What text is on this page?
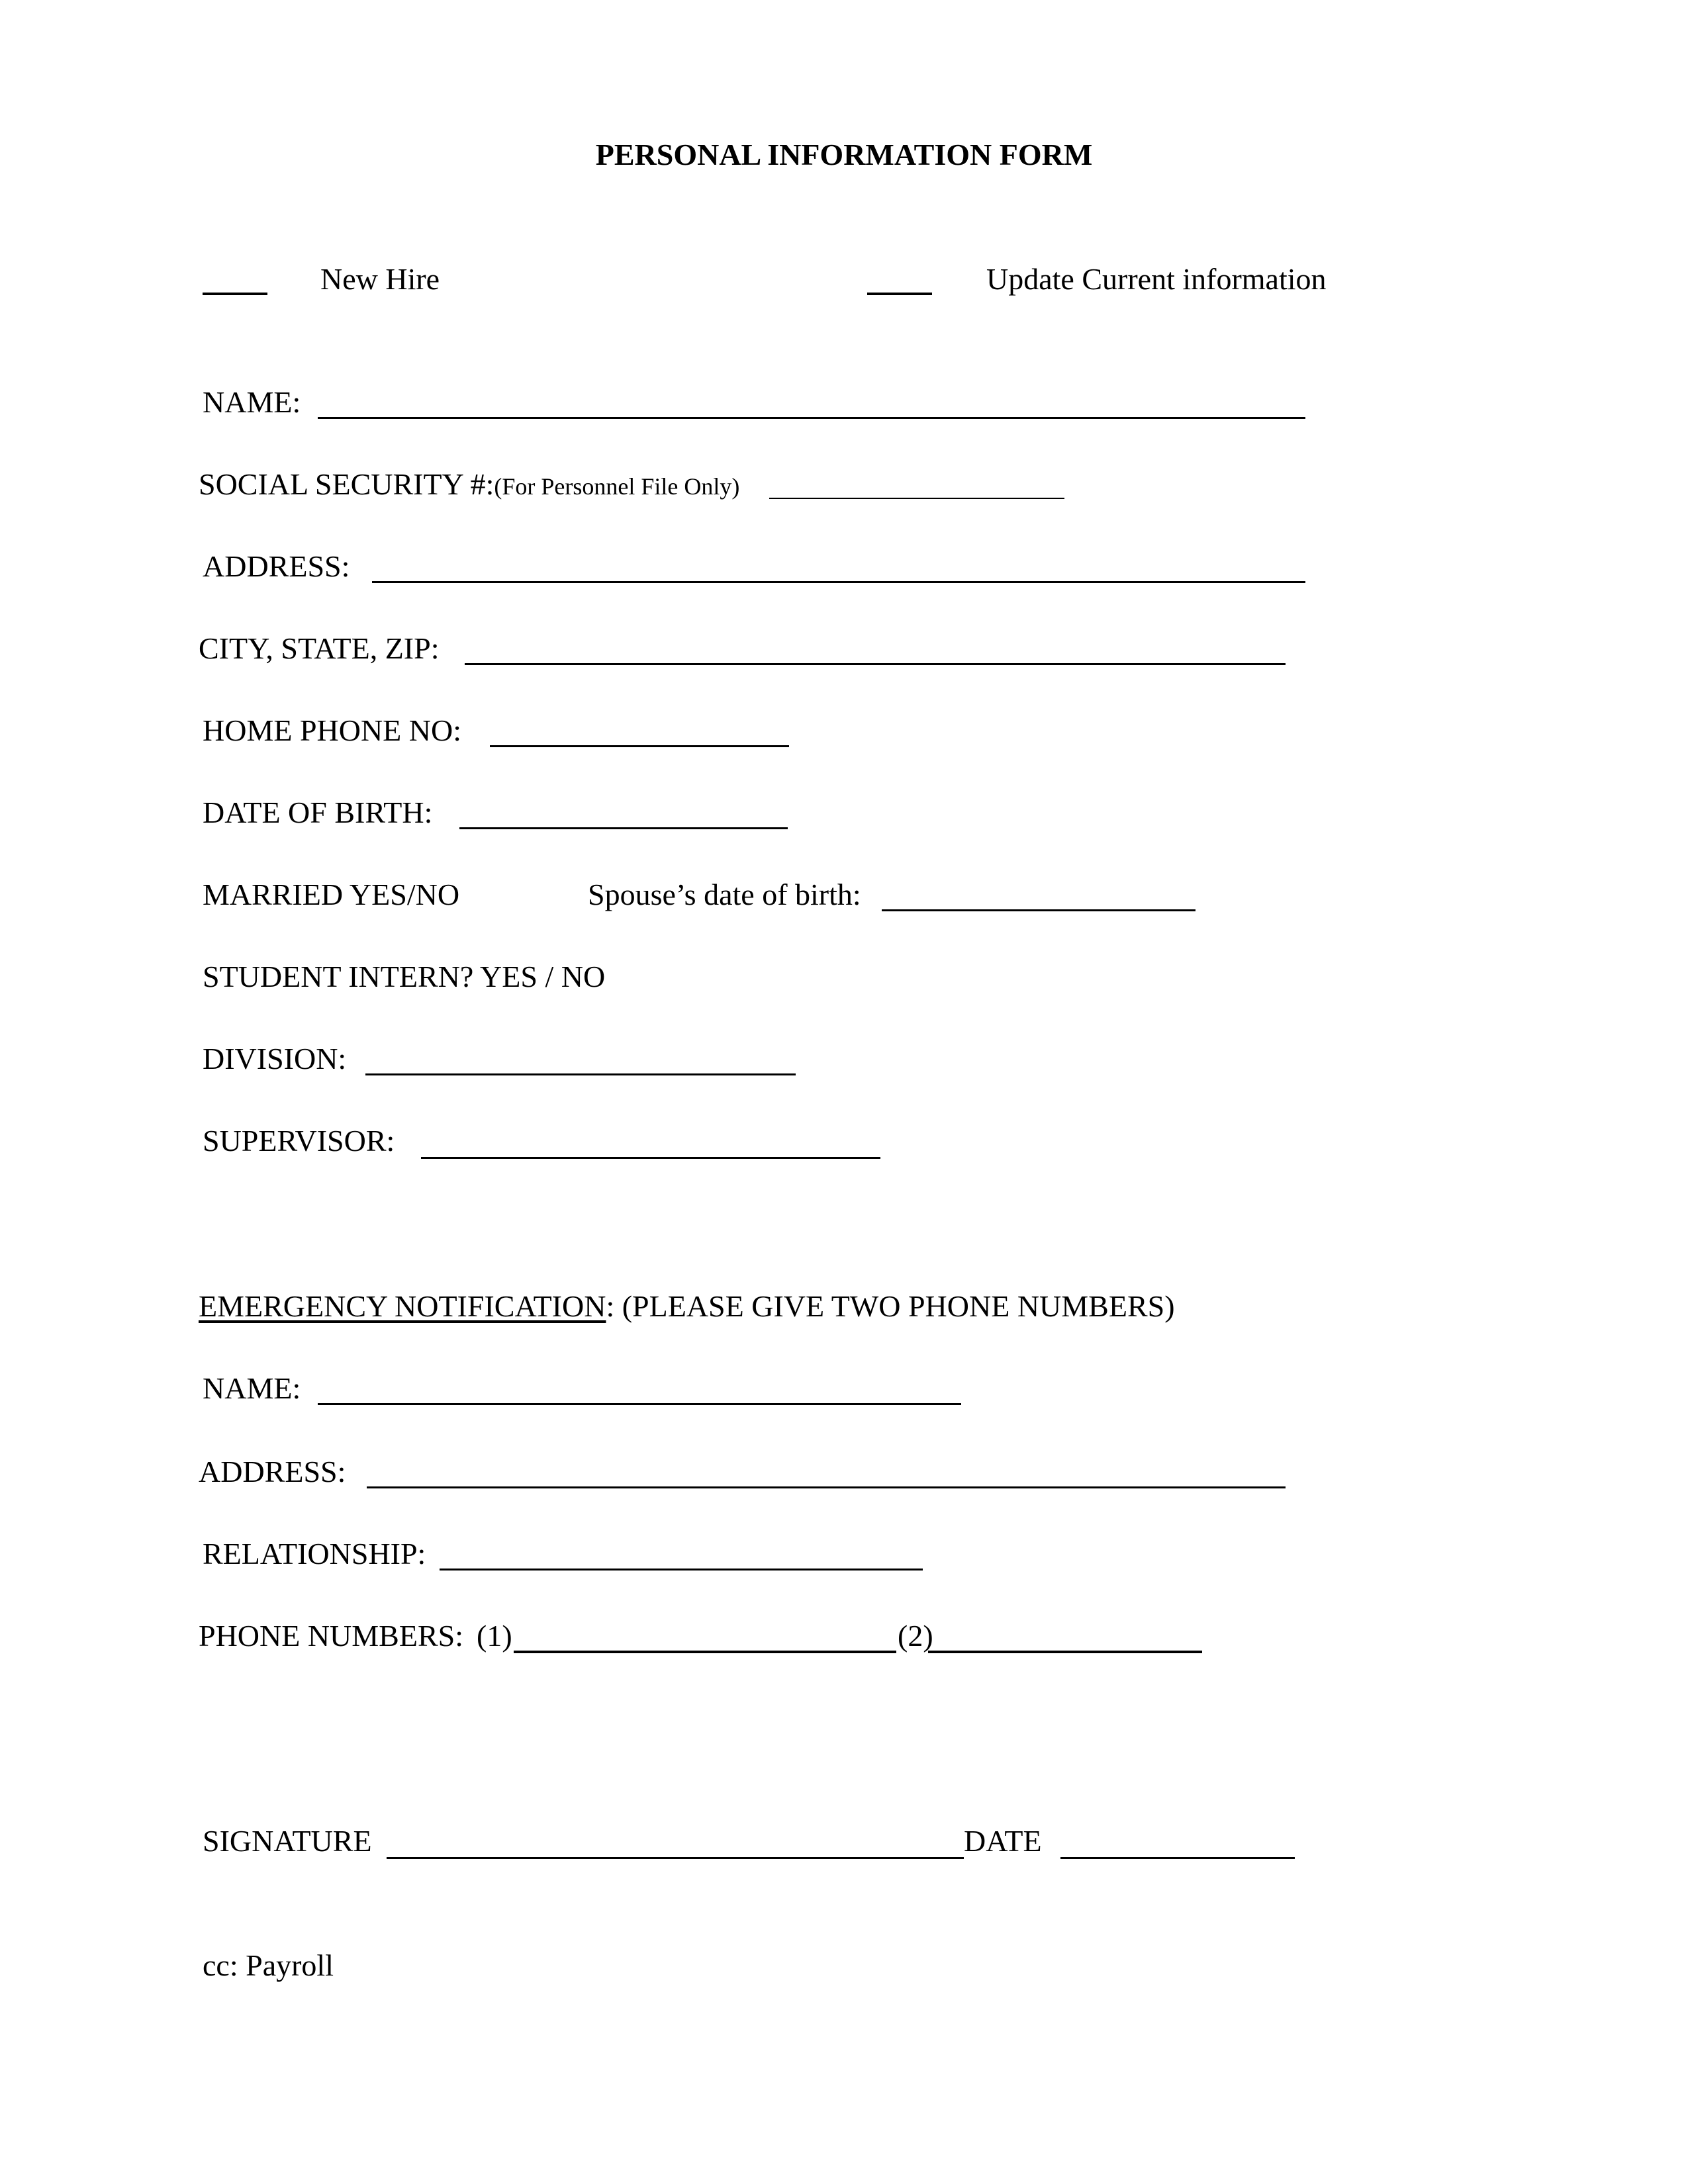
PERSONAL INFORMATION FORM
New Hire	Update Current information
NAME:
SOCIAL SECURITY #:(For Personnel File Only)
ADDRESS:
CITY, STATE, ZIP:
HOME PHONE NO:
DATE OF BIRTH:
MARRIED YES/NO	Spouse’s date of birth:
STUDENT INTERN? YES / NO
DIVISION:
SUPERVISOR:
EMERGENCY NOTIFICATION: (PLEASE GIVE TWO PHONE NUMBERS)
NAME:
ADDRESS:
RELATIONSHIP:
PHONE NUMBERS: (1)	(2)
SIGNATURE	DATE
cc: Payroll
